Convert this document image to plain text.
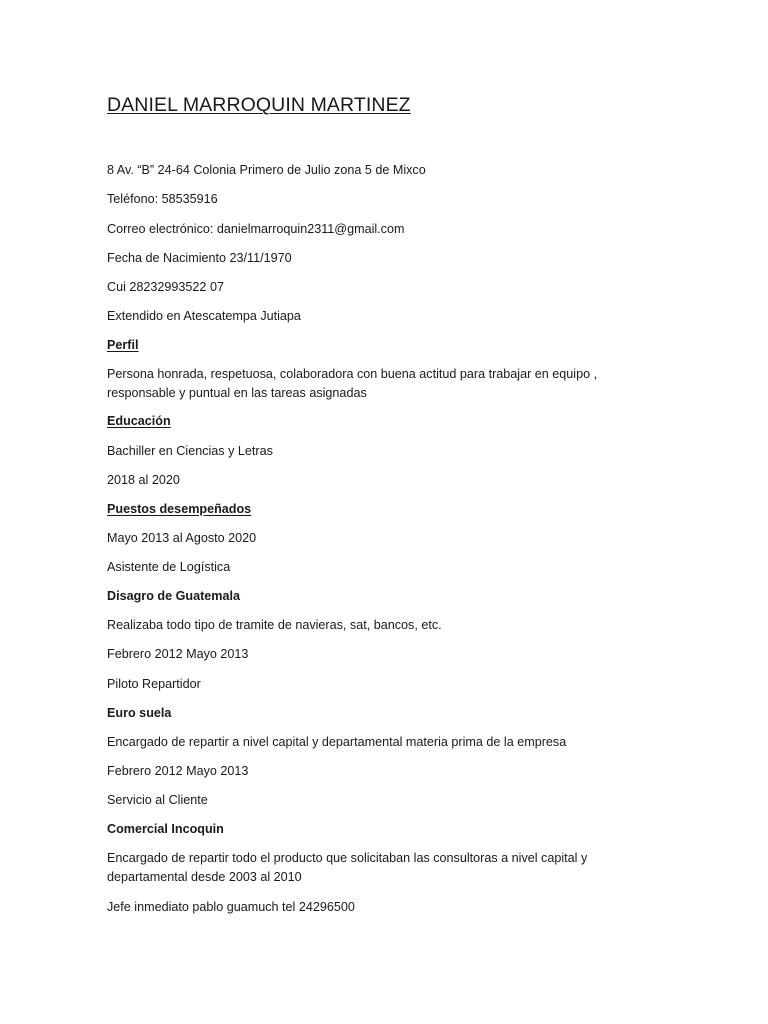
DANIEL MARROQUIN MARTINEZ

8 Av. “B” 24-64 Colonia Primero de Julio zona 5 de Mixco

Teléfono: 58535916

Correo electrónico: danielmarroquin2311@gmail.com

Fecha de Nacimiento 23/11/1970

Cui 28232993522 07

Extendido en Atescatempa Jutiapa

Perfil

Persona honrada, respetuosa, colaboradora con buena actitud para trabajar en equipo ,

responsable y puntual en las tareas asignadas

Educación

Bachiller en Ciencias y Letras

2018 al 2020

Puestos desempeñados

Mayo 2013 al Agosto 2020

Asistente de Logística

Disagro de Guatemala

Realizaba todo tipo de tramite de navieras, sat, bancos, etc.

Febrero 2012 Mayo 2013

Piloto Repartidor

Euro suela

Encargado de repartir a nivel capital y departamental materia prima de la empresa

Febrero 2012 Mayo 2013

Servicio al Cliente

Comercial Incoquin

Encargado de repartir todo el producto que solicitaban las consultoras a nivel capital y

departamental desde 2003 al 2010

Jefe inmediato pablo guamuch tel 24296500
